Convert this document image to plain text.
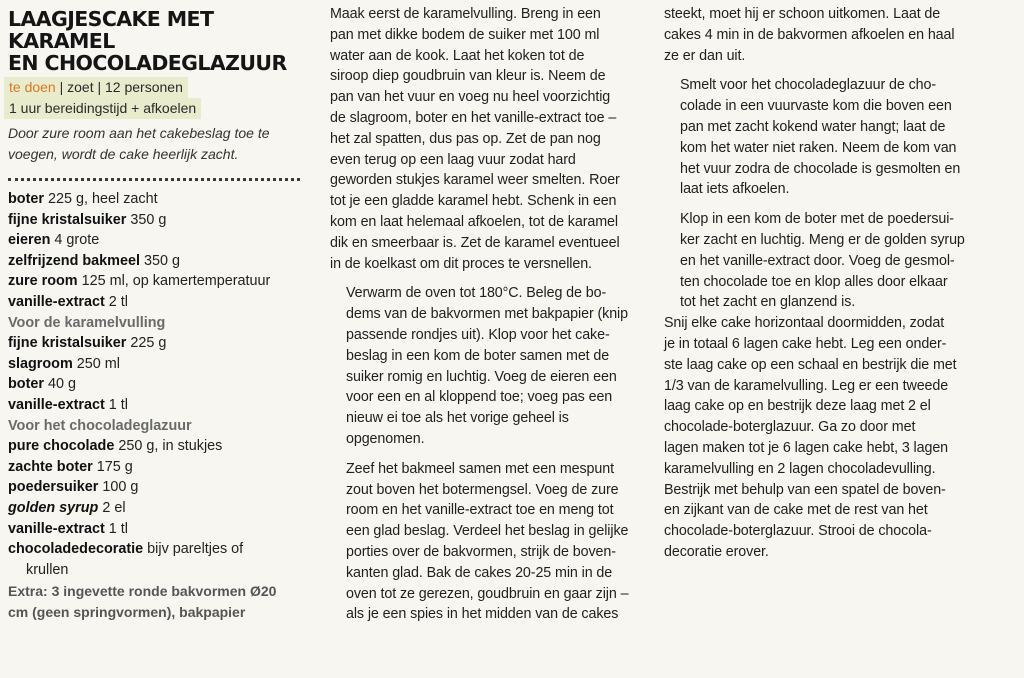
LAAGJESCAKE MET KARAMEL
EN CHOCOLADEGLAZUUR
te doen | zoet | 12 personen
1 uur bereidingstijd + afkoelen

Door zure room aan het cakebeslag toe te
voegen, wordt de cake heerlijk zacht.

boter 225 g, heel zacht
fijne kristalsuiker 350 g
eieren 4 grote
zelfrijzend bakmeel 350 g
zure room 125 ml, op kamertemperatuur
vanille-extract 2 tl
Voor de karamelvulling
fijne kristalsuiker 225 g
slagroom 250 ml
boter 40 g
vanille-extract 1 tl
Voor het chocoladeglazuur
pure chocolade 250 g, in stukjes
zachte boter 175 g
poedersuiker 100 g
golden syrup 2 el
vanille-extract 1 tl
chocoladedecoratie bijv pareltjes of
krullen
Extra: 3 ingevette ronde bakvormen Ø20
cm (geen springvormen), bakpapier

Maak eerst de karamelvulling. Breng in een
pan met dikke bodem de suiker met 100 ml
water aan de kook. Laat het koken tot de
siroop diep goudbruin van kleur is. Neem de
pan van het vuur en voeg nu heel voorzichtig
de slagroom, boter en het vanille-extract toe –
het zal spatten, dus pas op. Zet de pan nog
even terug op een laag vuur zodat hard
geworden stukjes karamel weer smelten. Roer
tot je een gladde karamel hebt. Schenk in een
kom en laat helemaal afkoelen, tot de karamel
dik en smeerbaar is. Zet de karamel eventueel
in de koelkast om dit proces te versnellen.

Verwarm de oven tot 180°C. Beleg de bo-
dems van de bakvormen met bakpapier (knip
passende rondjes uit). Klop voor het cake-
beslag in een kom de boter samen met de
suiker romig en luchtig. Voeg de eieren een
voor een en al kloppend toe; voeg pas een
nieuw ei toe als het vorige geheel is
opgenomen.

Zeef het bakmeel samen met een mespunt
zout boven het botermengsel. Voeg de zure
room en het vanille-extract toe en meng tot
een glad beslag. Verdeel het beslag in gelijke
porties over de bakvormen, strijk de boven-
kanten glad. Bak de cakes 20-25 min in de
oven tot ze gerezen, goudbruin en gaar zijn –
als je een spies in het midden van de cakes

steekt, moet hij er schoon uitkomen. Laat de
cakes 4 min in de bakvormen afkoelen en haal
ze er dan uit.

Smelt voor het chocoladeglazuur de cho-
colade in een vuurvaste kom die boven een
pan met zacht kokend water hangt; laat de
kom het water niet raken. Neem de kom van
het vuur zodra de chocolade is gesmolten en
laat iets afkoelen.

Klop in een kom de boter met de poedersui-
ker zacht en luchtig. Meng er de golden syrup
en het vanille-extract door. Voeg de gesmol-
ten chocolade toe en klop alles door elkaar
tot het zacht en glanzend is.

Snij elke cake horizontaal doormidden, zodat
je in totaal 6 lagen cake hebt. Leg een onder-
ste laag cake op een schaal en bestrijk die met
1/3 van de karamelvulling. Leg er een tweede
laag cake op en bestrijk deze laag met 2 el
chocolade-boterglazuur. Ga zo door met
lagen maken tot je 6 lagen cake hebt, 3 lagen
karamelvulling en 2 lagen chocoladevulling.
Bestrijk met behulp van een spatel de boven-
en zijkant van de cake met de rest van het
chocolade-boterglazuur. Strooi de chocola-
decoratie erover.
